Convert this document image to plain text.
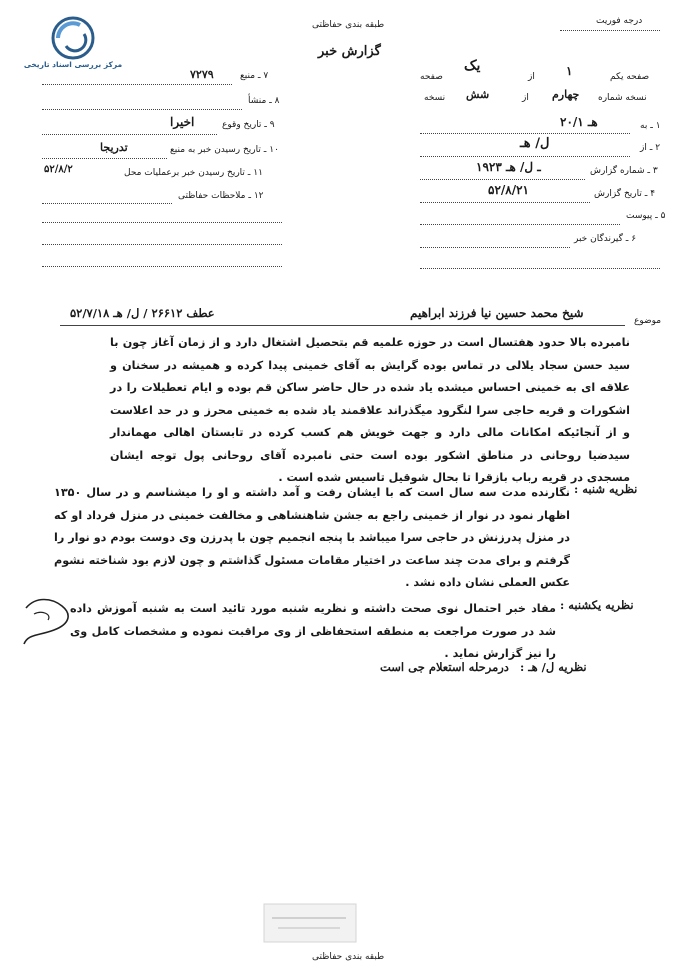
مرکز بررسی اسناد تاریخی
طبقه بندی حفاظتی
گزارش خبر
درجه فوریت
۷ ـ منبع
۷۲۷۹
۸ ـ منشأ
۹ ـ تاریخ وقوع
اخیرا
۱۰ ـ تاریخ رسیدن خبر به منبع
تدریجا
۱۱ ـ تاریخ رسیدن خبر برعملیات محل
۵۲/۸/۲
۱۲ ـ ملاحظات حفاظتی
صفحه یکم
۱
از
یک
صفحه
نسخه شماره
چهارم
از
شش
نسخه
۱ ـ به
۲۰/۱ هـ
۲ ـ از
ل/ هـ
۳ ـ شماره گزارش
۱۹۲۳ ـ ل/ هـ
۴ ـ تاریخ گزارش
۵۲/۸/۲۱
۵ ـ پیوست
۶ ـ گیرندگان خبر
موضوع
شیخ محمد حسین نیا فرزند ابراهیم
عطف ۲۶۶۱۲ / ل/ هـ ۵۲/۷/۱۸
نامبرده بالا حدود هفتسال است در حوزه علمیه قم بتحصیل اشتغال دارد و از زمان آغاز چون با سید حسن سجاد یلالی در تماس بوده گرایش به آقای خمینی پیدا کرده و همیشه در سخنان و علاقه ای به خمینی احساس میشده یاد شده در حال حاضر ساکن قم بوده و ایام تعطیلات را در اشکورات و قریه حاجی سرا لنگرود میگذراند علاقمند یاد شده به خمینی محرز و در حد اعلاست و از آنجائیکه امکانات مالی دارد و جهت خویش هم کسب کرده در تابستان اهالی مهماندار سیدضیا روحانی در مناطق اشکور بوده است حتی نامبرده آقای روحانی پول توجه ایشان مسجدی در قریه رباب بازقرا تا بحال شوقیل تاسیس شده است .
نظریه شنبه :
نگارنده مدت سه سال است که با ایشان رفت و آمد داشته و او را میشناسم و در سال ۱۳۵۰ اظهار نمود در نوار از خمینی راجع به جشن شاهنشاهی و مخالفت خمینی در منزل فرداد او که در منزل پدرزنش در حاجی سرا میباشد با پنجه انجمیم چون با پدرزن وی دوست بودم دو نوار را گرفتم و برای مدت چند ساعت در اختیار مقامات مسئول گذاشتم و چون لازم بود شناخته نشوم عکس العملی نشان داده نشد .
نظریه یکشنبه :
مفاد خبر احتمال نوی صحت داشته و نظریه شنبه مورد تائید است به شنبه آموزش داده شد در صورت مراجعت به منطقه استحفاظی از وی مراقبت نموده و مشخصات کامل وی را نیز گزارش نماید .
نظریه ل/ هـ :
درمرحله استعلام جی است
طبقه بندی حفاظتی
